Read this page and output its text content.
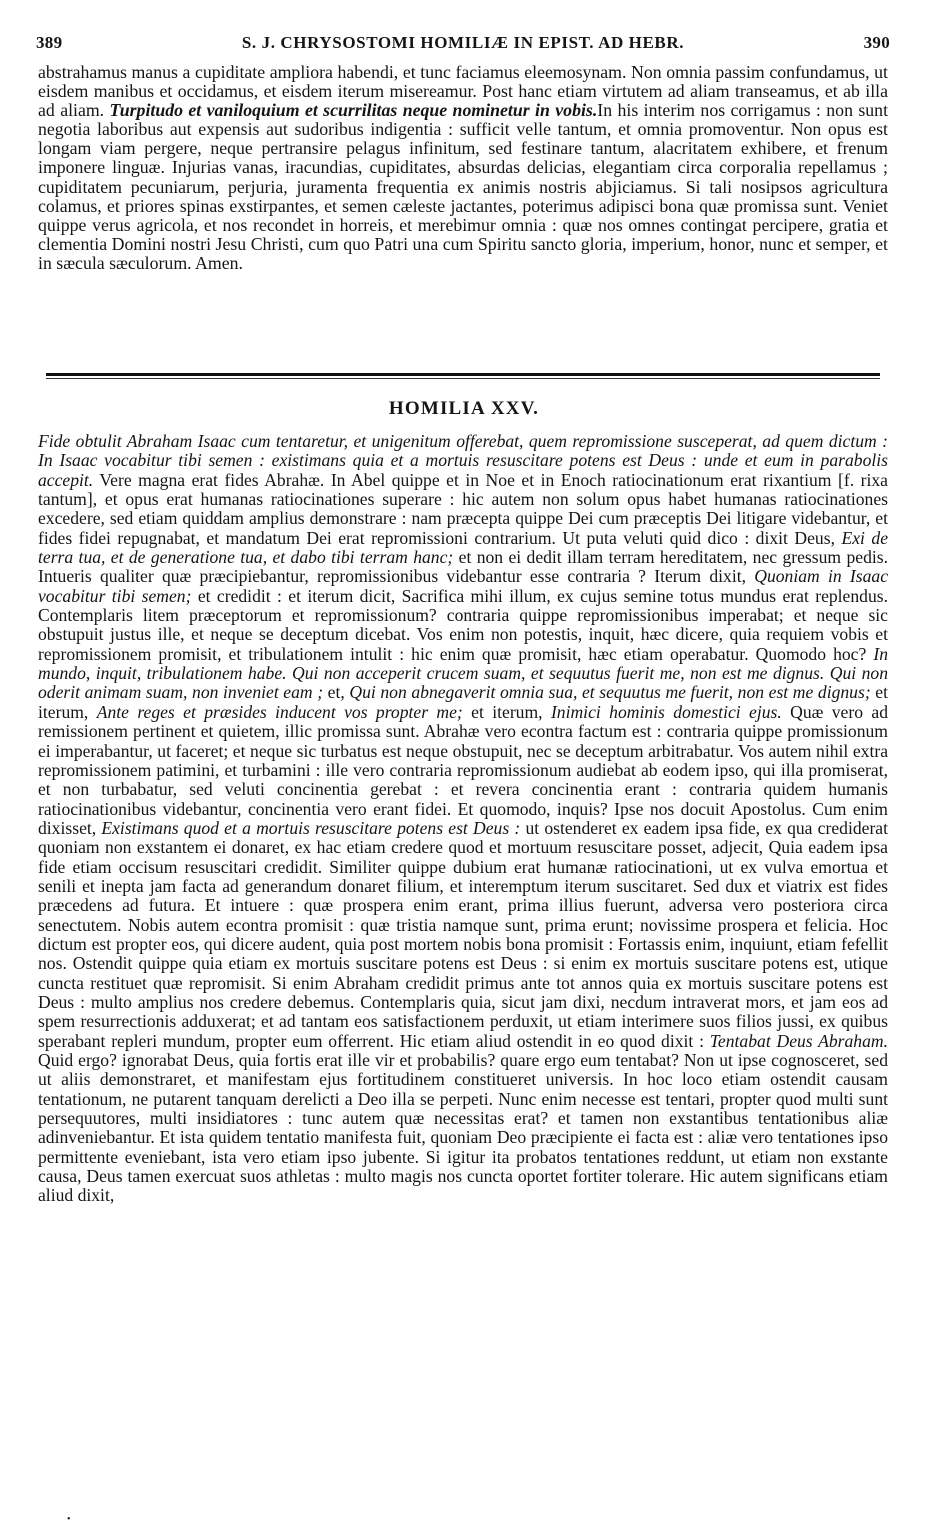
389	S. J. CHRYSOSTOMI HOMILIÆ IN EPIST. AD HEBR.	390

abstrahamus manus a cupiditate ampliora habendi, et tunc faciamus eleemosynam. Non omnia passim confundamus, ut eisdem manibus et occidamus, et eisdem iterum misereamur. Post hanc etiam virtutem ad aliam transeamus, et ab illa ad aliam. Turpitudo et vaniloquium et scurrilitas neque nominetur in vobis.In his interim nos corrigamus : non sunt negotia laboribus aut expensis aut sudoribus indigentia : sufficit velle tantum, et omnia promoventur. Non opus est longam viam pergere, neque pertransire pelagus infinitum, sed festinare tantum, alacritatem exhibere, et frenum imponere linguæ. Injurias vanas, iracundias, cupiditates, absurdas delicias, elegantiam circa corporalia repellamus ; cupiditatem pecuniarum, perjuria, juramenta frequentia ex animis nostris abjiciamus. Si tali nosipsos agricultura colamus, et priores spinas exstirpantes, et semen cæleste jactantes, poterimus adipisci bona quæ promissa sunt. Veniet quippe verus agricola, et nos recondet in horreis, et merebimur omnia : quæ nos omnes contingat percipere, gratia et clementia Domini nostri Jesu Christi, cum quo Patri una cum Spiritu sancto gloria, imperium, honor, nunc et semper, et in sæcula sæculorum. Amen.

HOMILIA XXV.

Fide obtulit Abraham Isaac cum tentaretur, et unigenitum offerebat, quem repromissione susceperat, ad quem dictum : In Isaac vocabitur tibi semen : existimans quia et a mortuis resuscitare potens est Deus : unde et eum in parabolis accepit. Vere magna erat fides Abrahæ. In Abel quippe et in Noe et in Enoch ratiocinationum erat rixantium [f. rixa tantum], et opus erat humanas ratiocinationes superare : hic autem non solum opus habet humanas ratiocinationes excedere, sed etiam quiddam amplius demonstrare : nam præcepta quippe Dei cum præceptis Dei litigare videbantur, et fides fidei repugnabat, et mandatum Dei erat repromissioni contrarium. Ut puta veluti quid dico : dixit Deus, Exi de terra tua, et de generatione tua, et dabo tibi terram hanc; et non ei dedit illam terram hereditatem, nec gressum pedis. Intueris qualiter quæ præcipiebantur, repromissionibus videbantur esse contraria ? Iterum dixit, Quoniam in Isaac vocabitur tibi semen; et credidit : et iterum dicit, Sacrifica mihi illum, ex cujus semine totus mundus erat replendus. Contemplaris litem præceptorum et repromissionum? contraria quippe repromissionibus imperabat; et neque sic obstupuit justus ille, et neque se deceptum dicebat. Vos enim non potestis, inquit, hæc dicere, quia requiem vobis et repromissionem promisit, et tribulationem intulit : hic enim quæ promisit, hæc etiam operabatur. Quomodo hoc? In mundo, inquit, tribulationem habe. Qui non acceperit crucem suam, et sequutus fuerit me, non est me dignus. Qui non oderit animam suam, non inveniet eam ; et, Qui non abnegaverit omnia sua, et sequutus me fuerit, non est me dignus; et iterum, Ante reges et præsides inducent vos propter me; et iterum, Inimici hominis domestici ejus. Quæ vero ad remissionem pertinent et quietem, illic promissa sunt. Abrahæ vero econtra factum est : contraria quippe promissionum ei imperabantur, ut faceret; et neque sic turbatus est neque obstupuit, nec se deceptum arbitrabatur. Vos autem nihil extra repromissionem patimini, et turbamini : ille vero contraria repromissionum audiebat ab eodem ipso, qui illa promiserat, et non turbabatur, sed veluti concinentia gerebat : et revera concinentia erant : contraria quidem humanis ratiocinationibus videbantur, concinentia vero erant fidei. Et quomodo, inquis? Ipse nos docuit Apostolus. Cum enim dixisset, Existimans quod et a mortuis resuscitare potens est Deus : ut ostenderet ex eadem ipsa fide, ex qua crediderat quoniam non exstantem ei donaret, ex hac etiam credere quod et mortuum resuscitare posset, adjecit, Quia eadem ipsa fide etiam occisum resuscitari credidit. Similiter quippe dubium erat humanæ ratiocinationi, ut ex vulva emortua et senili et inepta jam facta ad generandum donaret filium, et interemptum iterum suscitaret. Sed dux et viatrix est fides præcedens ad futura. Et intuere : quæ prospera enim erant, prima illius fuerunt, adversa vero posteriora circa senectutem. Nobis autem econtra promisit : quæ tristia namque sunt, prima erunt; novissime prospera et felicia. Hoc dictum est propter eos, qui dicere audent, quia post mortem nobis bona promisit : Fortassis enim, inquiunt, etiam fefellit nos. Ostendit quippe quia etiam ex mortuis suscitare potens est Deus : si enim ex mortuis suscitare potens est, utique cuncta restituet quæ repromisit. Si enim Abraham credidit primus ante tot annos quia ex mortuis suscitare potens est Deus : multo amplius nos credere debemus. Contemplaris quia, sicut jam dixi, necdum intraverat mors, et jam eos ad spem resurrectionis adduxerat; et ad tantam eos satisfactionem perduxit, ut etiam interimere suos filios jussi, ex quibus sperabant repleri mundum, propter eum offerrent. Hic etiam aliud ostendit in eo quod dixit : Tentabat Deus Abraham. Quid ergo? ignorabat Deus, quia fortis erat ille vir et probabilis? quare ergo eum tentabat? Non ut ipse cognosceret, sed ut aliis demonstraret, et manifestam ejus fortitudinem constitueret universis. In hoc loco etiam ostendit causam tentationum, ne putarent tanquam derelicti a Deo illa se perpeti. Nunc enim necesse est tentari, propter quod multi sunt persequutores, multi insidiatores : tunc autem quæ necessitas erat? et tamen non exstantibus tentationibus aliæ adinveniebantur. Et ista quidem tentatio manifesta fuit, quoniam Deo præcipiente ei facta est : aliæ vero tentationes ipso permittente eveniebant, ista vero etiam ipso jubente. Si igitur ita probatos tentationes reddunt, ut etiam non exstante causa, Deus tamen exercuat suos athletas : multo magis nos cuncta oportet fortiter tolerare. Hic autem significans etiam aliud dixit,

•
